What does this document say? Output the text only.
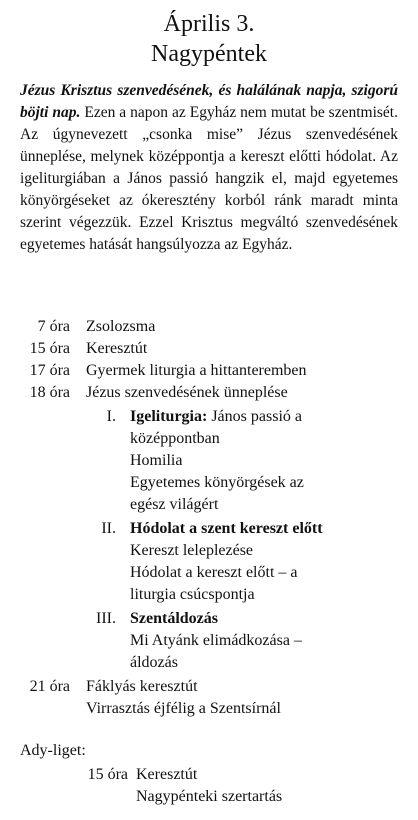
Április 3.
Nagypéntek
Jézus Krisztus szenvedésének, és halálának napja, szigorú böjti nap. Ezen a napon az Egyház nem mutat be szentmisét. Az úgynevezett „csonka mise” Jézus szenvedésének ünneplése, melynek középpontja a kereszt előtti hódolat. Az igeliturgiában a János passió hangzik el, majd egyetemes könyörgéseket az ókeresztény korból ránk maradt minta szerint végezzük. Ezzel Krisztus megváltó szenvedésének egyetemes hatását hangsúlyozza az Egyház.
7 óra Zsolozsma
15 óra Keresztút
17 óra Gyermek liturgia a hittanteremben
18 óra Jézus szenvedésének ünneplése
I. Igeliturgia: János passió a
középpontban
Homilia
Egyetemes könyörgések az
egész világért
II. Hódolat a szent kereszt előtt
Kereszt leleplezése
Hódolat a kereszt előtt – a
liturgia csúcspontja
III. Szentáldozás
Mi Atyánk elimádkozása –
áldozás
21 óra Fáklyás keresztút
Virrasztás éjfélig a Szentsírnál
Ady-liget:
15 óra Keresztút
Nagypénteki szertartás
